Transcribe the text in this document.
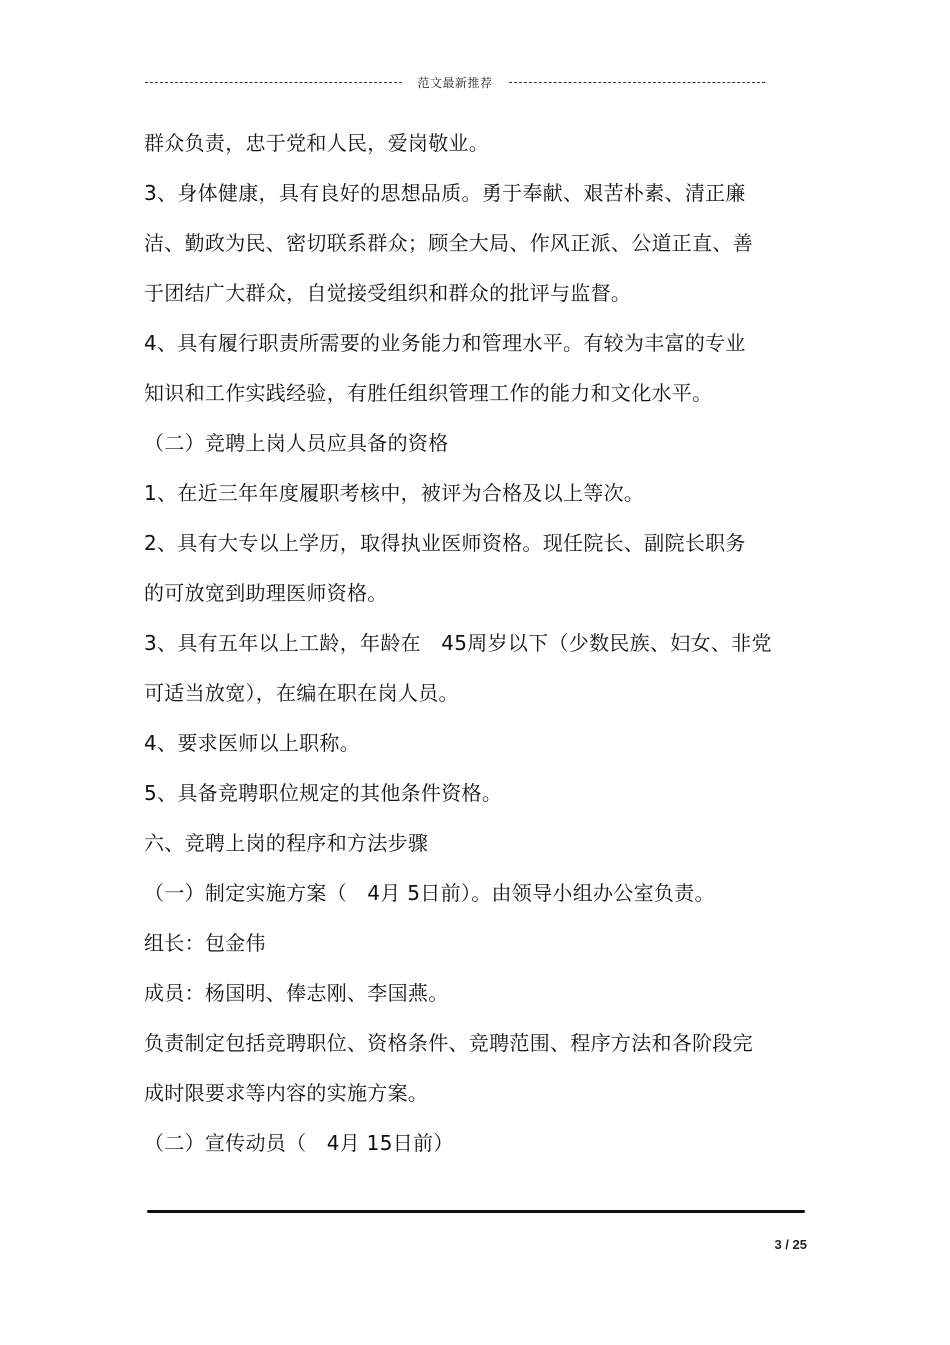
范文最新推荐
群众负责，忠于党和人民，爱岗敬业。
3、身体健康，具有良好的思想品质。勇于奉献、艰苦朴素、清正廉
洁、勤政为民、密切联系群众；顾全大局、作风正派、公道正直、善
于团结广大群众，自觉接受组织和群众的批评与监督。
4、具有履行职责所需要的业务能力和管理水平。有较为丰富的专业
知识和工作实践经验，有胜任组织管理工作的能力和文化水平。
（二）竞聘上岗人员应具备的资格
1、在近三年年度履职考核中，被评为合格及以上等次。
2、具有大专以上学历，取得执业医师资格。现任院长、副院长职务
的可放宽到助理医师资格。
3、具有五年以上工龄，年龄在　45周岁以下（少数民族、妇女、非党
可适当放宽），在编在职在岗人员。
4、要求医师以上职称。
5、具备竞聘职位规定的其他条件资格。
六、竞聘上岗的程序和方法步骤
（一）制定实施方案（　4月 5日前）。由领导小组办公室负责。
组长：包金伟
成员：杨国明、俸志刚、李国燕。
负责制定包括竞聘职位、资格条件、竞聘范围、程序方法和各阶段完
成时限要求等内容的实施方案。
（二）宣传动员（　4月 15日前）
3 / 25
